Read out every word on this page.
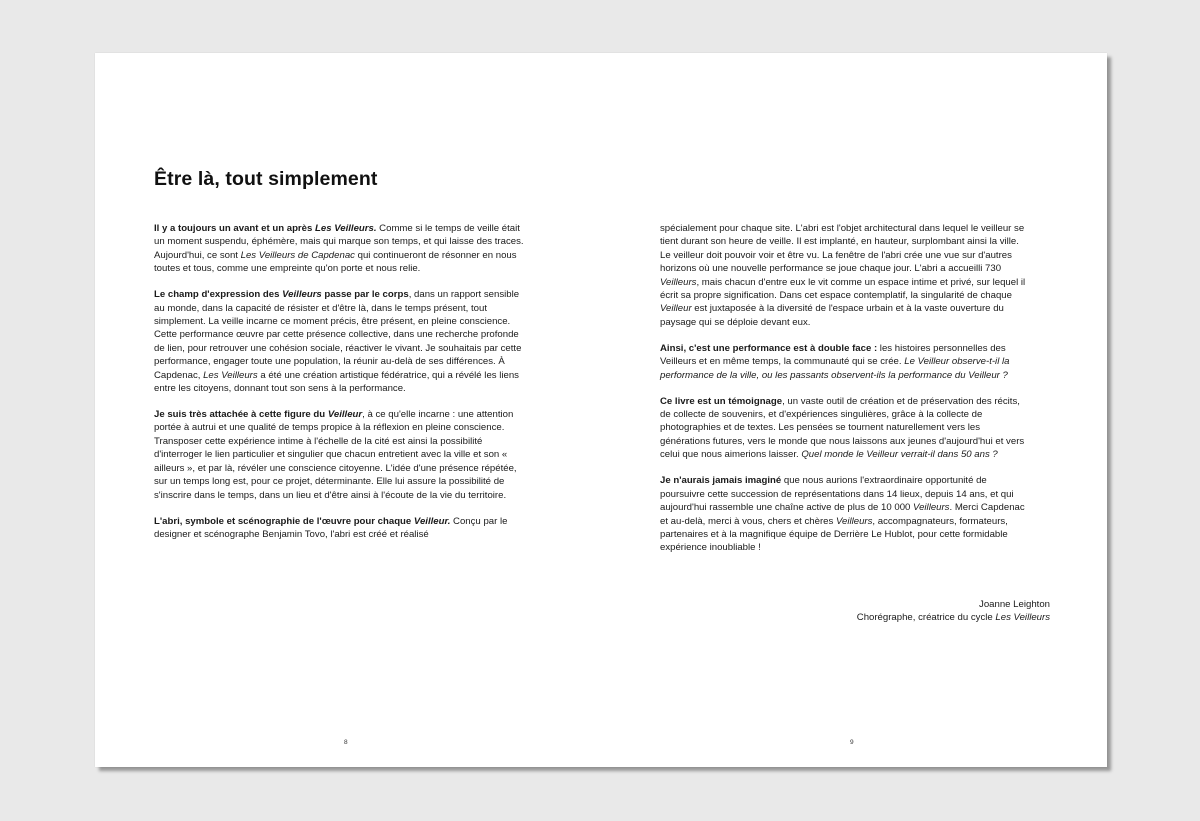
Être là, tout simplement

Il y a toujours un avant et un après Les Veilleurs. Comme si le temps de veille était un moment suspendu, éphémère, mais qui marque son temps, et qui laisse des traces. Aujourd'hui, ce sont Les Veilleurs de Capdenac qui continueront de résonner en nous toutes et tous, comme une empreinte qu'on porte et nous relie.

Le champ d'expression des Veilleurs passe par le corps, dans un rapport sensible au monde, dans la capacité de résister et d'être là, dans le temps présent, tout simplement. La veille incarne ce moment précis, être présent, en pleine conscience. Cette performance œuvre par cette présence collective, dans une recherche profonde de lien, pour retrouver une cohésion sociale, réactiver le vivant. Je souhaitais par cette performance, engager toute une population, la réunir au-delà de ses différences. À Capdenac, Les Veilleurs a été une création artistique fédératrice, qui a révélé les liens entre les citoyens, donnant tout son sens à la performance.

Je suis très attachée à cette figure du Veilleur, à ce qu'elle incarne : une attention portée à autrui et une qualité de temps propice à la réflexion en pleine conscience. Transposer cette expérience intime à l'échelle de la cité est ainsi la possibilité d'interroger le lien particulier et singulier que chacun entretient avec la ville et son « ailleurs », et par là, révéler une conscience citoyenne. L'idée d'une présence répétée, sur un temps long est, pour ce projet, déterminante. Elle lui assure la possibilité de s'inscrire dans le temps, dans un lieu et d'être ainsi à l'écoute de la vie du territoire.

L'abri, symbole et scénographie de l'œuvre pour chaque Veilleur. Conçu par le designer et scénographe Benjamin Tovo, l'abri est créé et réalisé

spécialement pour chaque site. L'abri est l'objet architectural dans lequel le veilleur se tient durant son heure de veille. Il est implanté, en hauteur, surplombant ainsi la ville. Le veilleur doit pouvoir voir et être vu. La fenêtre de l'abri crée une vue sur d'autres horizons où une nouvelle performance se joue chaque jour. L'abri a accueilli 730 Veilleurs, mais chacun d'entre eux le vit comme un espace intime et privé, sur lequel il écrit sa propre signification. Dans cet espace contemplatif, la singularité de chaque Veilleur est juxtaposée à la diversité de l'espace urbain et à la vaste ouverture du paysage qui se déploie devant eux.

Ainsi, c'est une performance est à double face : les histoires personnelles des Veilleurs et en même temps, la communauté qui se crée. Le Veilleur observe-t-il la performance de la ville, ou les passants observent-ils la performance du Veilleur ?

Ce livre est un témoignage, un vaste outil de création et de préservation des récits, de collecte de souvenirs, et d'expériences singulières, grâce à la collecte de photographies et de textes. Les pensées se tournent naturellement vers les générations futures, vers le monde que nous laissons aux jeunes d'aujourd'hui et vers celui que nous aimerions laisser. Quel monde le Veilleur verrait-il dans 50 ans ?

Je n'aurais jamais imaginé que nous aurions l'extraordinaire opportunité de poursuivre cette succession de représentations dans 14 lieux, depuis 14 ans, et qui aujourd'hui rassemble une chaîne active de plus de 10 000 Veilleurs. Merci Capdenac et au-delà, merci à vous, chers et chères Veilleurs, accompagnateurs, formateurs, partenaires et à la magnifique équipe de Derrière Le Hublot, pour cette formidable expérience inoubliable !

Joanne Leighton
Chorégraphe, créatrice du cycle Les Veilleurs
8	9
